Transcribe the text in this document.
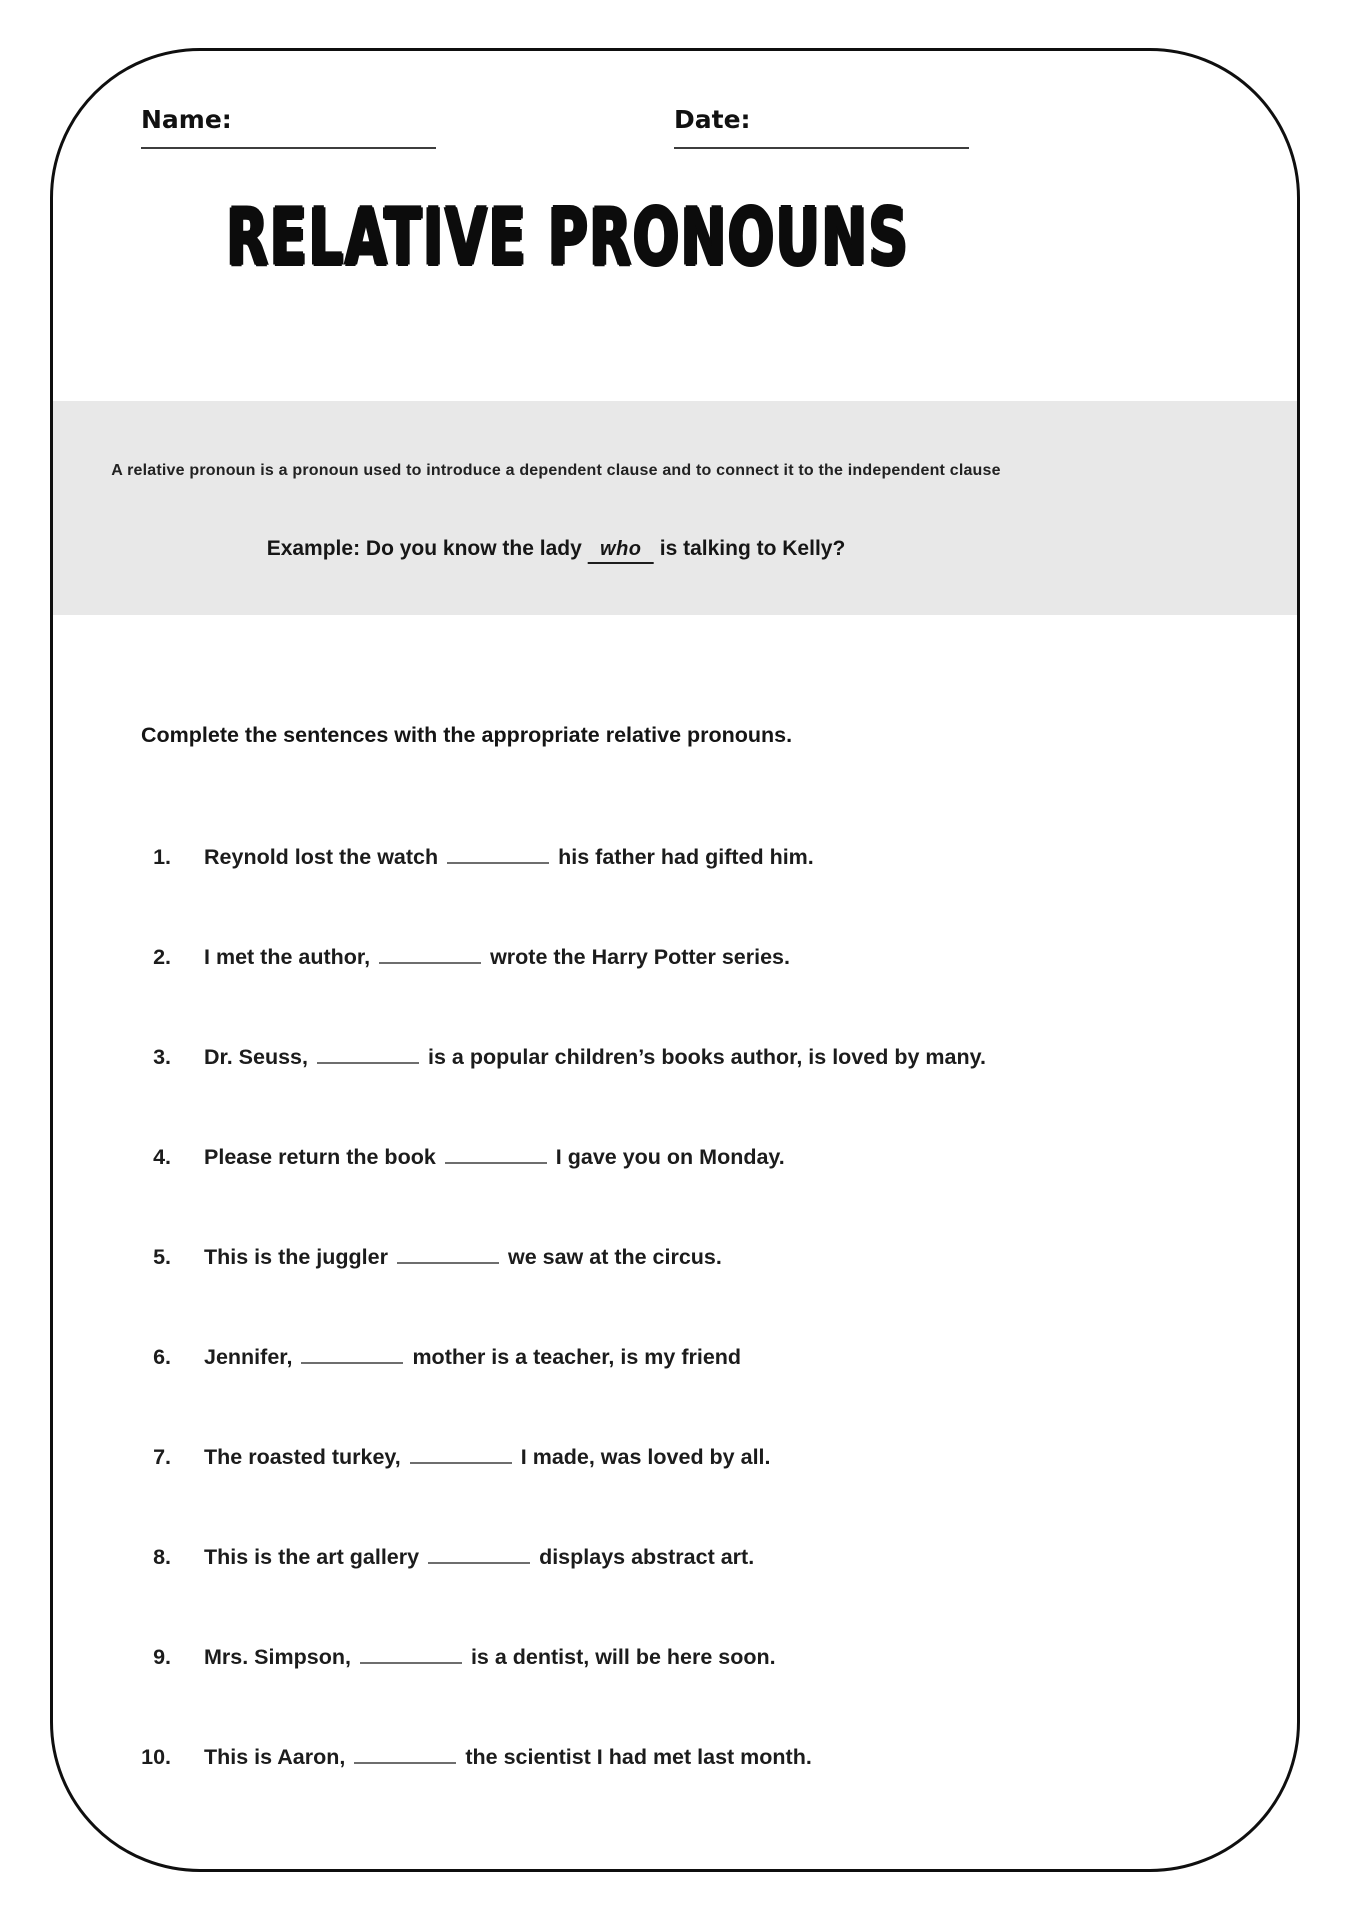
Name:	Date:
RELATIVE PRONOUNS
A relative pronoun is a pronoun used to introduce a dependent clause and to connect it to the independent clause
Example: Do you know the lady who is talking to Kelly?
Complete the sentences with the appropriate relative pronouns.
1. Reynold lost the watch	his father had gifted him.
2. I met the author,	wrote the Harry Potter series.
3. Dr. Seuss,	is a popular children’s books author, is loved by many.
4. Please return the book	I gave you on Monday.
5. This is the juggler	we saw at the circus.
6. Jennifer,	mother is a teacher, is my friend
7. The roasted turkey,	I made, was loved by all.
8. This is the art gallery	displays abstract art.
9. Mrs. Simpson,	is a dentist, will be here soon.
10. This is Aaron,	the scientist I had met last month.
